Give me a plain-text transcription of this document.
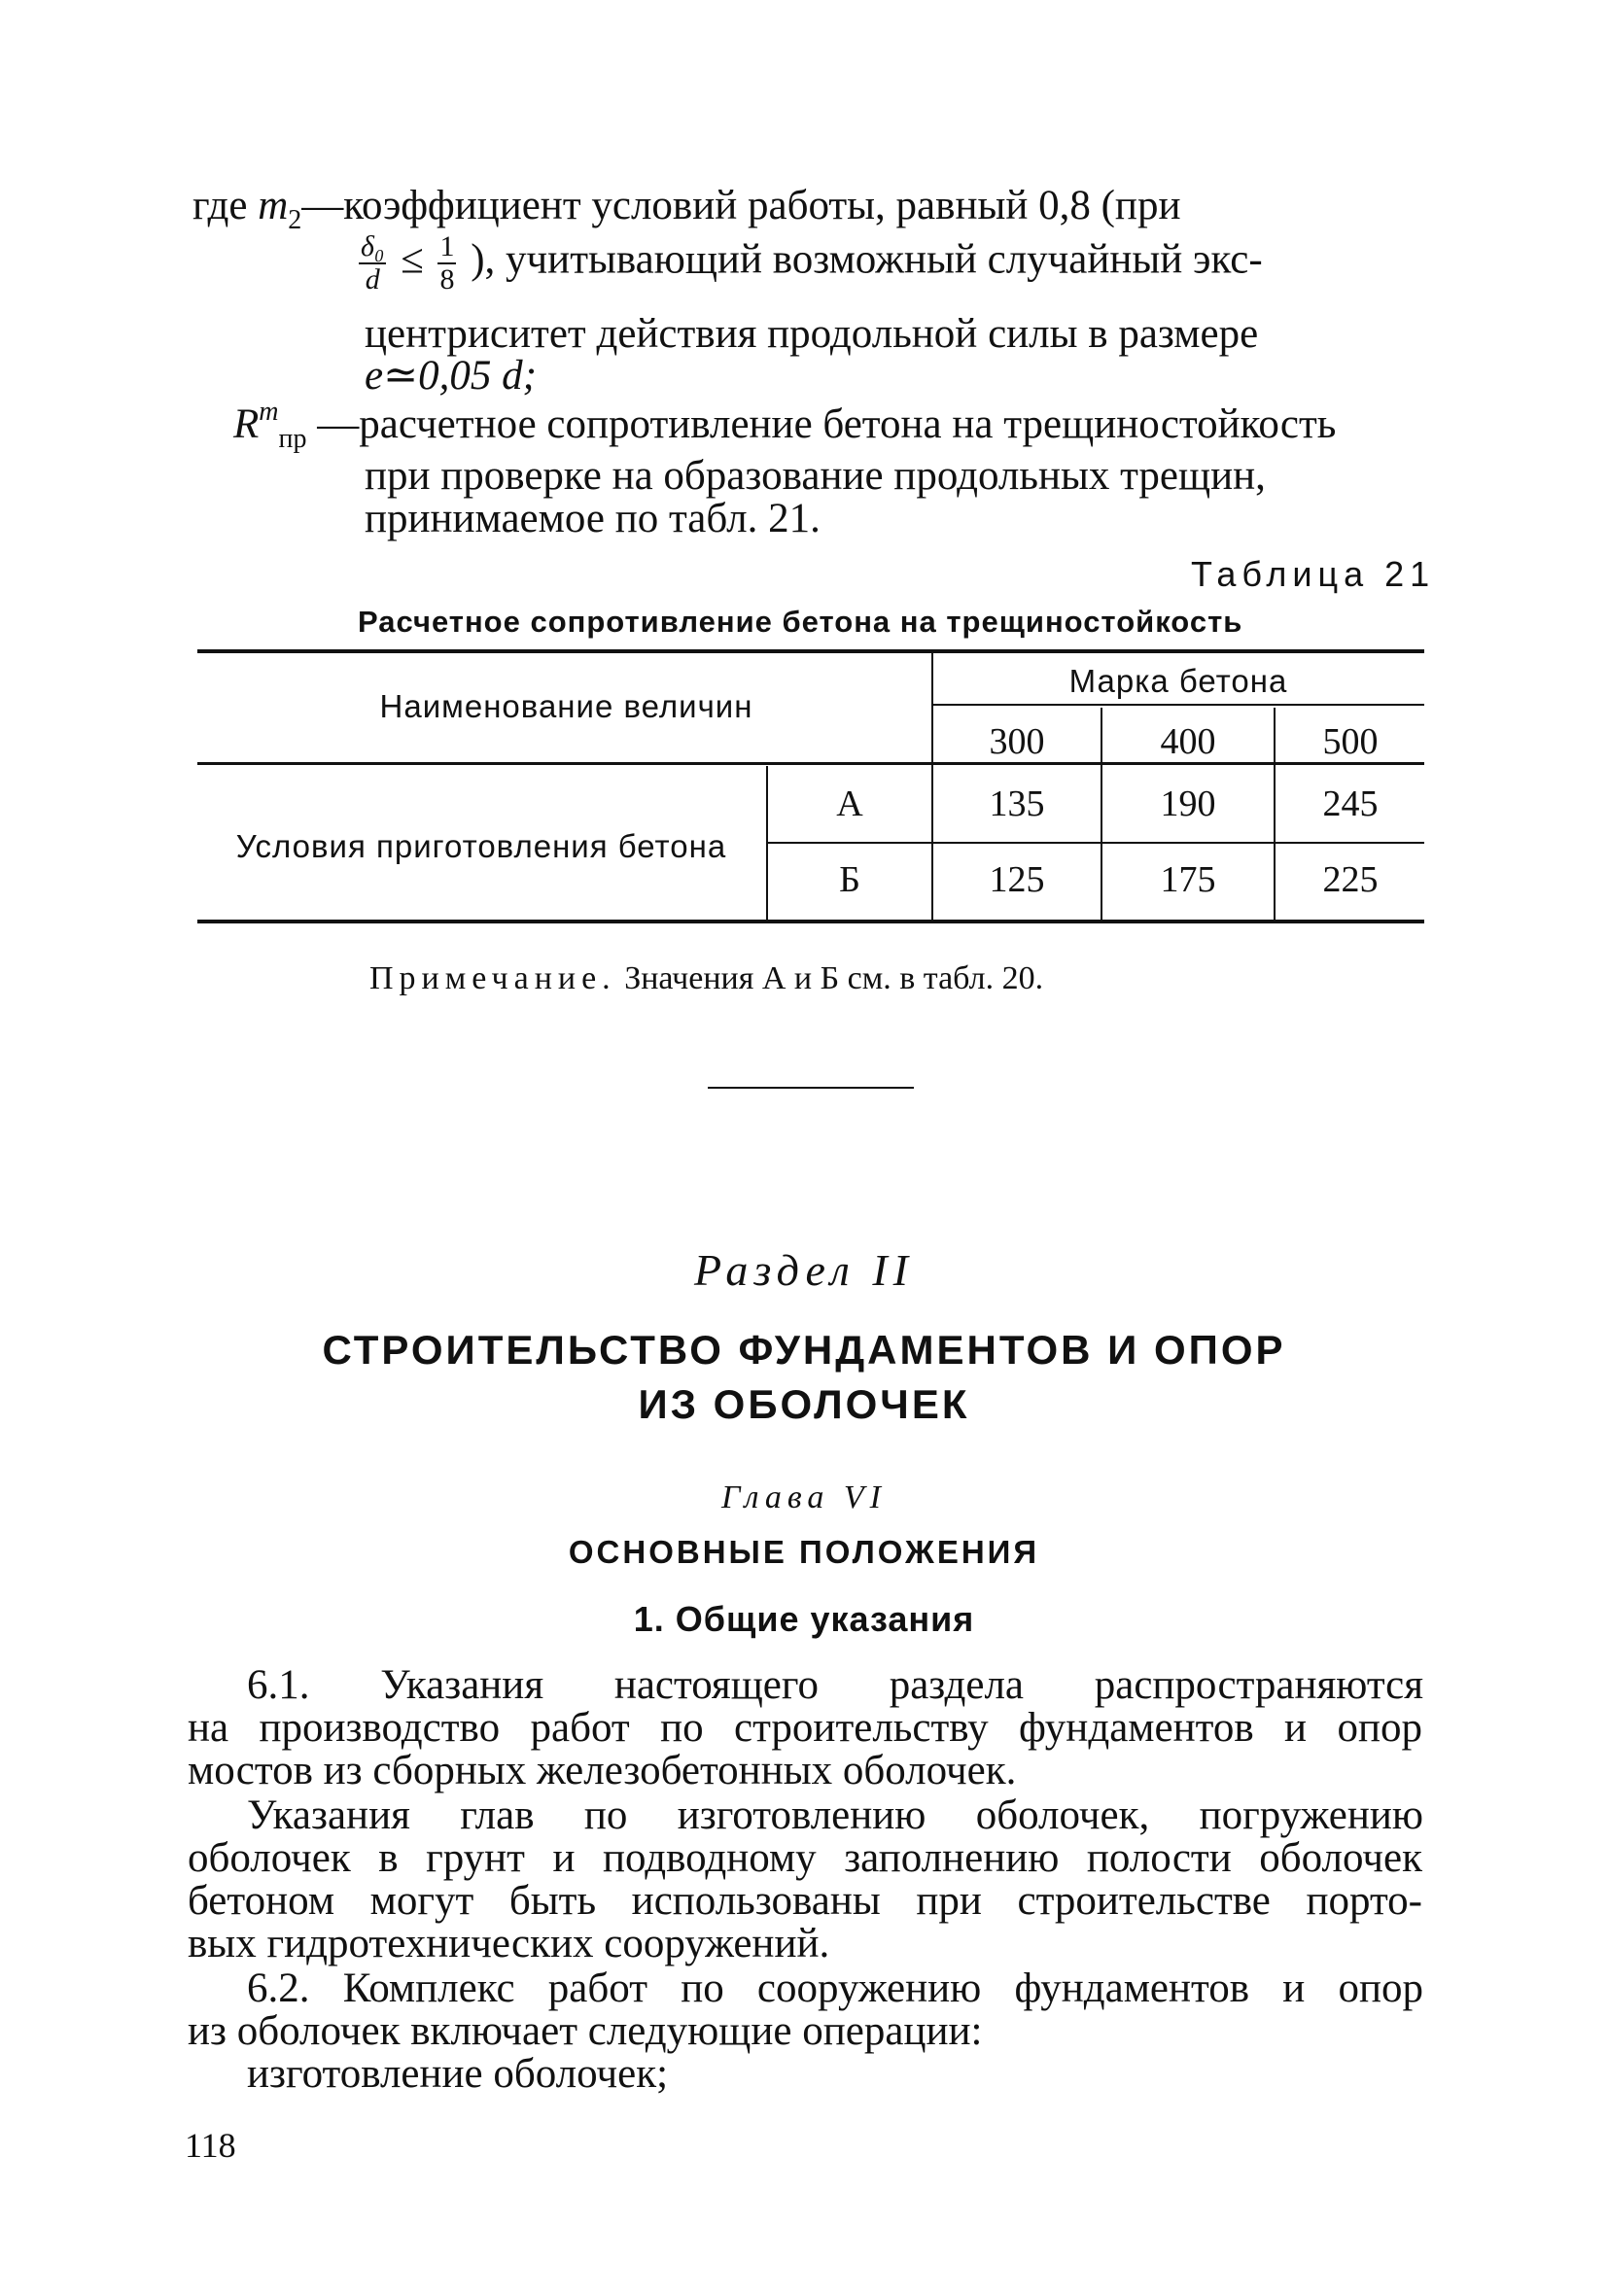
где $m_2—коэффициент$ условий работы, равный 0,8 (при
$\frac{\text{δ₀}}{d} \le \frac{1}{8}$ ), учитывающий возможный случайный экс-
центриситет действия продольной силы в размере
e≃0,05 d;
$R^m_{пр}$ —расчетное сопротивление бетона на трещиностойкость
при проверке на образование продольных трещин,
принимаемое по табл. 21.
Таблица 21
Расчетное сопротивление бетона на трещиностойкость
Наименование величин
Марка бетона
300	400	500
Условия приготовления бетона
А	135	190	245
Б	125	175	225
Примечание. Значения А и Б см. в табл. 20.
Раздел II
СТРОИТЕЛЬСТВО ФУНДАМЕНТОВ И ОПОР
ИЗ ОБОЛОЧЕК
Глава VI
ОСНОВНЫЕ ПОЛОЖЕНИЯ
1. Общие указания
6.1. Указания настоящего раздела распространяются
на производство работ по строительству фундаментов и опор
мостов из сборных железобетонных оболочек.
Указания глав по изготовлению оболочек, погружению
оболочек в грунт и подводному заполнению полости оболочек
бетоном могут быть использованы при строительстве порто-
вых гидротехнических сооружений.
6.2. Комплекс работ по сооружению фундаментов и опор
из оболочек включает следующие операции:
изготовление оболочек;
118
